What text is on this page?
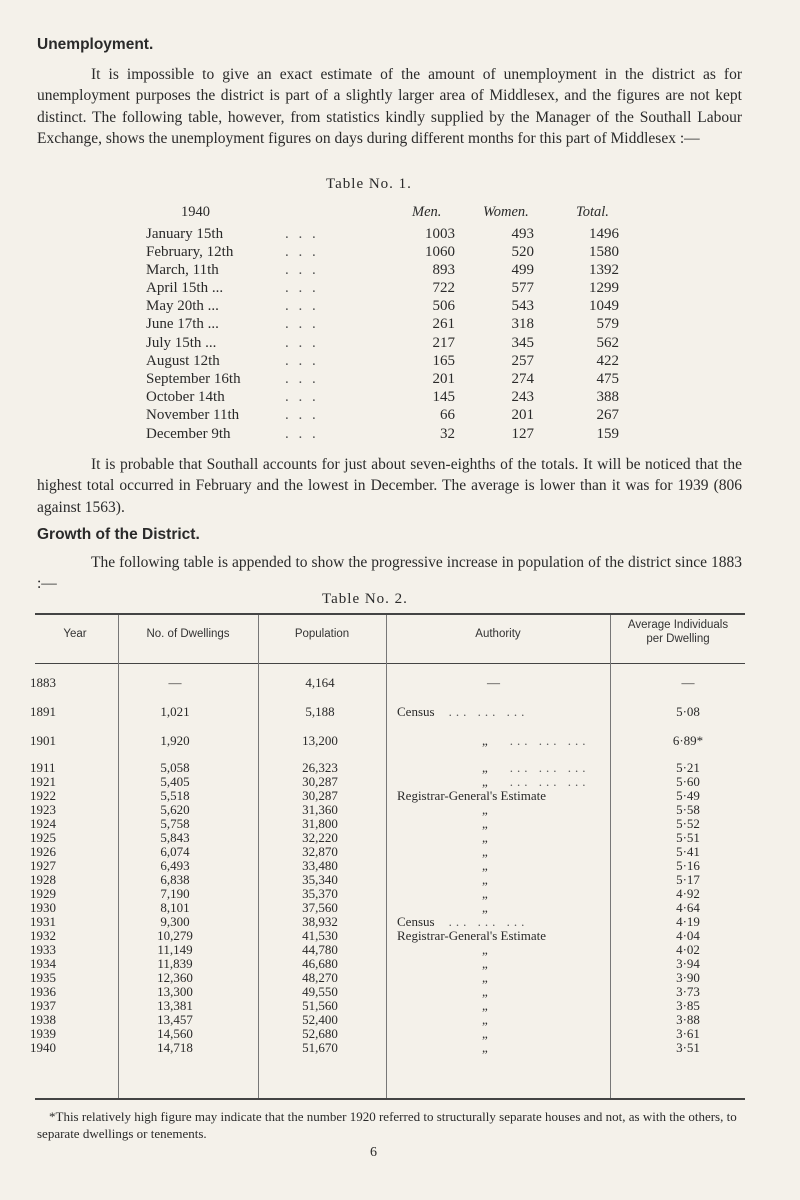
Unemployment.

It is impossible to give an exact estimate of the amount of unemployment in the district as for unemployment purposes the district is part of a slightly larger area of Middlesex, and the figures are not kept distinct. The following table, however, from statistics kindly supplied by the Manager of the Southall Labour Exchange, shows the unemployment figures on days during different months for this part of Middlesex :—

Table No. 1.
1940	Men.	Women.	Total.
January 15th	. . .	1003	493	1496
February, 12th	. . .	1060	520	1580
March, 11th	. . .	893	499	1392
April 15th ...	. . .	722	577	1299
May 20th ...	. . .	506	543	1049
June 17th ...	. . .	261	318	579
July 15th ...	. . .	217	345	562
August 12th	. . .	165	257	422
September 16th	. . .	201	274	475
October 14th	. . .	145	243	388
November 11th	. . .	66	201	267
December 9th	. . .	32	127	159

It is probable that Southall accounts for just about seven-eighths of the totals. It will be noticed that the highest total occurred in February and the lowest in December. The average is lower than it was for 1939 (806 against 1563).

Growth of the District.

The following table is appended to show the progressive increase in population of the district since 1883 :—

Table No. 2.
Year	No. of Dwellings	Population	Authority
Average Individuals per Dwelling
1883	—	4,164	—	—
1891	1,021	5,188	Census ... ... ...	5·08
1901	1,920	13,200	„ ... ... ...	6·89*
1911	5,058	26,323	„ ... ... ...	5·21
1921	5,405	30,287	„ ... ... ...	5·60
1922	5,518	30,287	Registrar-General's Estimate	5·49
1923	5,620	31,360	„	5·58
1924	5,758	31,800	„	5·52
1925	5,843	32,220	„	5·51
1926	6,074	32,870	„	5·41
1927	6,493	33,480	„	5·16
1928	6,838	35,340	„	5·17
1929	7,190	35,370	„	4·92
1930	8,101	37,560	„	4·64
1931	9,300	38,932	Census ... ... ...	4·19
1932	10,279	41,530	Registrar-General's Estimate	4·04
1933	11,149	44,780	„	4·02
1934	11,839	46,680	„	3·94
1935	12,360	48,270	„	3·90
1936	13,300	49,550	„	3·73
1937	13,381	51,560	„	3·85
1938	13,457	52,400	„	3·88
1939	14,560	52,680	„	3·61
1940	14,718	51,670	„	3·51

*This relatively high figure may indicate that the number 1920 referred to structurally separate houses and not, as with the others, to separate dwellings or tenements.

6
